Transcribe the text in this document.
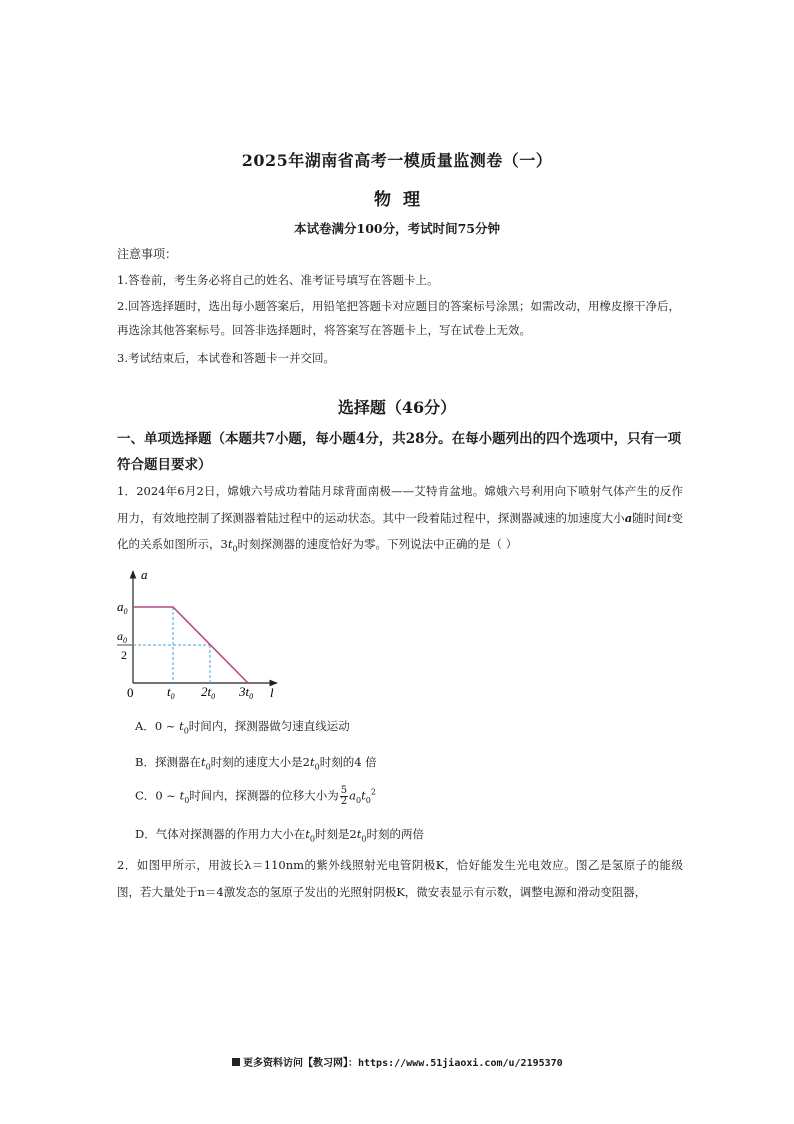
2025年湖南省高考一模质量监测卷（一）
物理
本试卷满分100分，考试时间75分钟
注意事项：
1.答卷前，考生务必将自己的姓名、准考证号填写在答题卡上。
2.回答选择题时，选出每小题答案后，用铅笔把答题卡对应题目的答案标号涂黑；如需改动，用橡皮擦干净后，再选涂其他答案标号。回答非选择题时，将答案写在答题卡上，写在试卷上无效。
3.考试结束后，本试卷和答题卡一并交回。
选择题（46分）
一、单项选择题（本题共7小题，每小题4分，共28分。在每小题列出的四个选项中，只有一项符合题目要求）
1．2024年6月2日，嫦娥六号成功着陆月球背面南极——艾特肯盆地。嫦娥六号利用向下喷射气体产生的反作用力，有效地控制了探测器着陆过程中的运动状态。其中一段着陆过程中，探测器减速的加速度大小a随时间t变化的关系如图所示，$3t_0$时刻探测器的速度恰好为零。下列说法中正确的是（ ）
a
$a_0$
$a_0$
2
0	$t_0$ $2t_0$ $3t_0$ l
A．0 ~ $t_0$时间内，探测器做匀速直线运动
B．探测器在$t_0$时刻的速度大小是$2t_0$时刻的4 倍
C．0 ~ $t_0$时间内，探测器的位移大小为 $\frac{5}{2} a_0t_0^2$
D．气体对探测器的作用力大小在$t_0$时刻是$2t_0$时刻的两倍
2．如图甲所示，用波长λ＝110nm的紫外线照射光电管阴极K，恰好能发生光电效应。图乙是氢原子的能级图，若大量处于n＝4激发态的氢原子发出的光照射阴极K，微安表显示有示数，调整电源和滑动变阻器，
更多资料访问【教习网】：https://www.51jiaoxi.com/u/2195370
